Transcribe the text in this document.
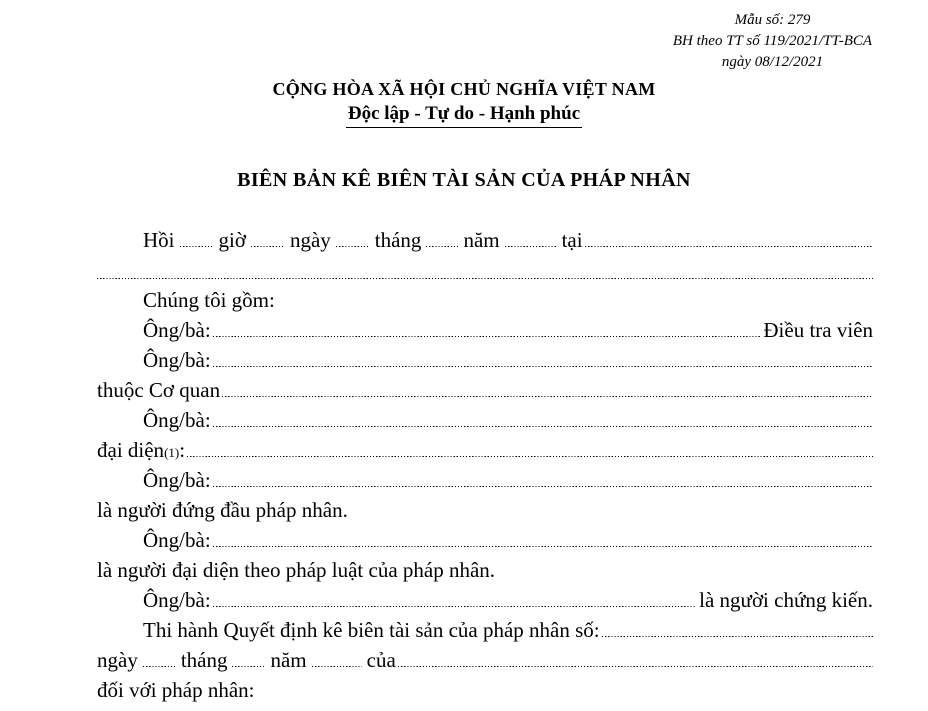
Mẫu số: 279
BH theo TT số 119/2021/TT-BCA
ngày 08/12/2021
CỘNG HÒA XÃ HỘI CHỦ NGHĨA VIỆT NAM
Độc lập - Tự do - Hạnh phúc
BIÊN BẢN KÊ BIÊN TÀI SẢN CỦA PHÁP NHÂN
Hồi giờ ngày tháng năm	tại
Chúng tôi gồm:
Ông/bà:	Điều tra viên
Ông/bà:
thuộc Cơ quan
Ông/bà:
đại diện (1) :
Ông/bà:
là người đứng đầu pháp nhân.
Ông/bà:
là người đại diện theo pháp luật của pháp nhân.
Ông/bà:	là người chứng kiến.
Thi hành Quyết định kê biên tài sản của pháp nhân số:
ngày tháng năm	của
đối với pháp nhân:
